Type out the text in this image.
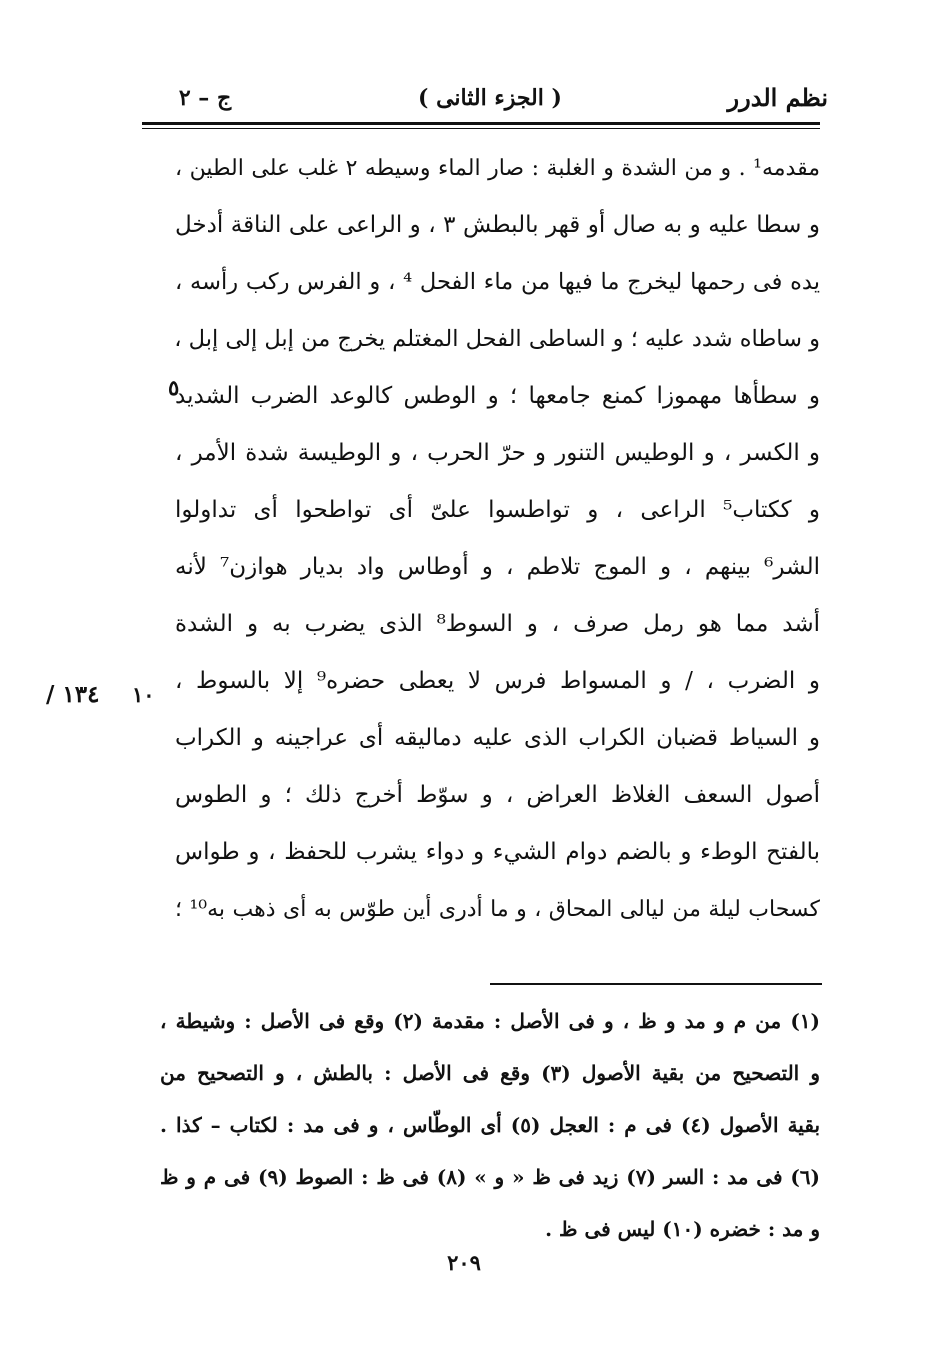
نظم الدرر
( الجزء الثانى )
ج – ٢
مقدمه¹ . و من الشدة و الغلبة : صار الماء وسيطه ٢ غلب على الطين ،
و سطا عليه و به صال أو قهر بالبطش ٣ ، و الراعى على الناقة أدخل
يده فى رحمها ليخرج ما فيها من ماء الفحل ⁴ ، و الفرس ركب رأسه ،
و ساطاه شدد عليه ؛ و الساطى الفحل المغتلم يخرج من إبل إلى إبل ،
و سطأها مهموزا كمنع جامعها ؛ و الوطس كالوعد الضرب الشديد
و الكسر ، و الوطيس التنور و حرّ الحرب ، و الوطيسة شدة الأمر ،
و ككتاب⁵ الراعى ، و تواطسوا علىّ أى تواطحوا أى تداولوا
الشر⁶ بينهم ، و الموج تلاطم ، و أوطاس واد بديار هوازن⁷ لأنه
أشد مما هو رمل صرف ، و السوط⁸ الذى يضرب به و الشدة
و الضرب ، / و المسواط فرس لا يعطى حضره⁹ إلا بالسوط ،
و السياط قضبان الكراب الذى عليه دماليقه أى عراجينه و الكراب
أصول السعف الغلاظ العراض ، و سوّط أخرج ذلك ؛ و الطوس
بالفتح الوطء و بالضم دوام الشيء و دواء يشرب للحفظ ، و طواس
كسحاب ليلة من ليالى المحاق ، و ما أدرى أين طوّس به أى ذهب به¹⁰ ؛
٥
١٠
١٣٤ /
(١) من م و مد و ظ ، و فى الأصل : مقدمة (٢) وقع فى الأصل : وشيطة ،
و التصحيح من بقية الأصول (٣) وقع فى الأصل : بالطش ، و التصحيح من
بقية الأصول (٤) فى م : العجل (٥) أى الوطّاس ، و فى مد : لكتاب – كذا .
(٦) فى مد : السر (٧) زيد فى ظ « و » (٨) فى ظ : الصوط (٩) فى م و ظ
و مد : خضره (١٠) ليس فى ظ .
٢٠٩
